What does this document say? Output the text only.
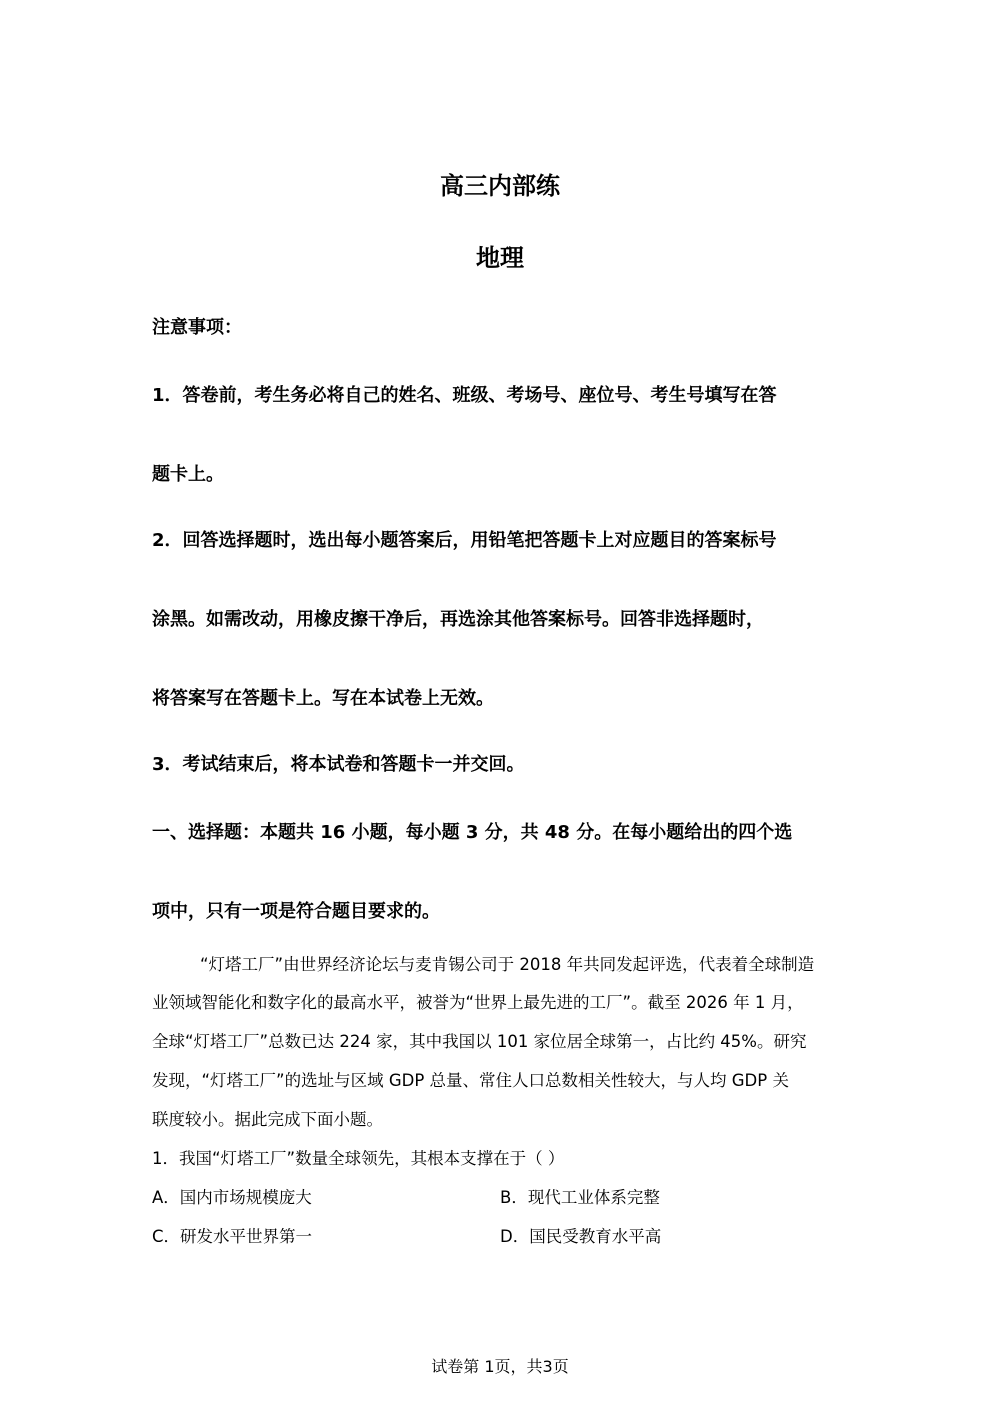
高三内部练
地理

注意事项：

1．答卷前，考生务必将自己的姓名、班级、考场号、座位号、考生号填写在答

题卡上。

2．回答选择题时，选出每小题答案后，用铅笔把答题卡上对应题目的答案标号

涂黑。如需改动，用橡皮擦干净后，再选涂其他答案标号。回答非选择题时，

将答案写在答题卡上。写在本试卷上无效。

3．考试结束后，将本试卷和答题卡一并交回。

一、选择题：本题共 16 小题，每小题 3 分，共 48 分。在每小题给出的四个选

项中，只有一项是符合题目要求的。

“灯塔工厂”由世界经济论坛与麦肯锡公司于 2018 年共同发起评选，代表着全球制造

业领域智能化和数字化的最高水平，被誉为“世界上最先进的工厂”。截至 2026 年 1 月，

全球“灯塔工厂”总数已达 224 家，其中我国以 101 家位居全球第一，占比约 45%。研究

发现，“灯塔工厂”的选址与区域 GDP 总量、常住人口总数相关性较大，与人均 GDP 关

联度较小。据此完成下面小题。

1．我国“灯塔工厂”数量全球领先，其根本支撑在于（ ）

A．国内市场规模庞大	B．现代工业体系完整
C．研发水平世界第一	D．国民受教育水平高
试卷第 1页，共3页
